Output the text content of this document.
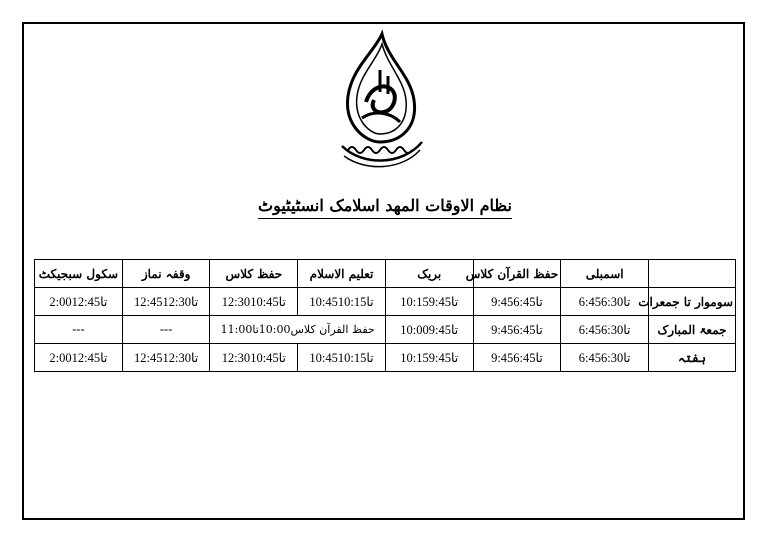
نظام الاوقات المهد اسلامک انسٹیٹیوٹ
	اسمبلی	حفظ القرآن کلاس	بریک	تعلیم الاسلام	حفظ کلاس	وقفہ نماز	سکول سبجیکٹ
سوموار تا جمعرات	6:45تا6:30	9:45تا6:45	10:15تا9:45	10:45تا10:15	12:30تا10:45	12:45تا12:30	2:00تا12:45
جمعۃ المبارک	6:45تا6:30	9:45تا6:45	10:00تا9:45	حفظ القرآن کلاس10:00تا11:00		---	---
ہفتہ	6:45تا6:30	9:45تا6:45	10:15تا9:45	10:45تا10:15	12:30تا10:45	12:45تا12:30	2:00تا12:45
